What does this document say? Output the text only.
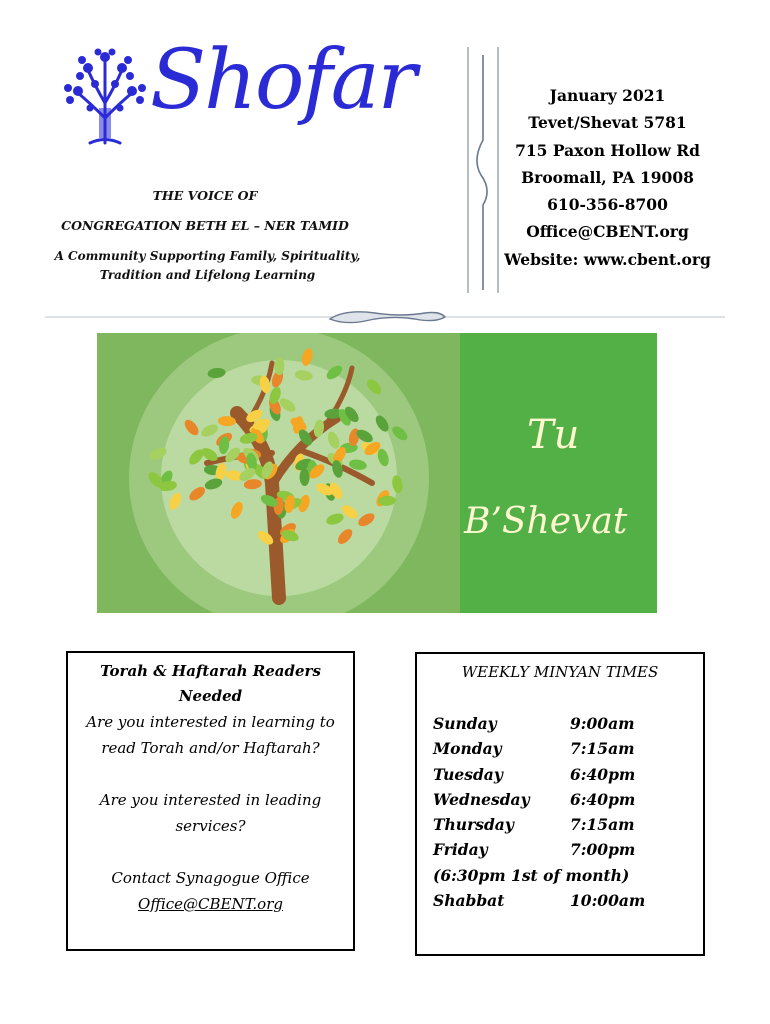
Shofar
THE VOICE OF
CONGREGATION BETH EL – NER TAMID
A Community Supporting Family, Spirituality, Tradition and Lifelong Learning
January 2021
Tevet/Shevat 5781
715 Paxon Hollow Rd
Broomall, PA 19008
610-356-8700
Office@CBENT.org
Website: www.cbent.org
Tu
B’Shevat
Torah & Haftarah Readers Needed
Are you interested in learning to read Torah and/or Haftarah?
Are you interested in leading services?
Contact Synagogue Office
Office@CBENT.org
WEEKLY MINYAN TIMES
Sunday	9:00am
Monday	7:15am
Tuesday	6:40pm
Wednesday	6:40pm
Thursday	7:15am
Friday	7:00pm
(6:30pm 1st of month)
Shabbat	10:00am
